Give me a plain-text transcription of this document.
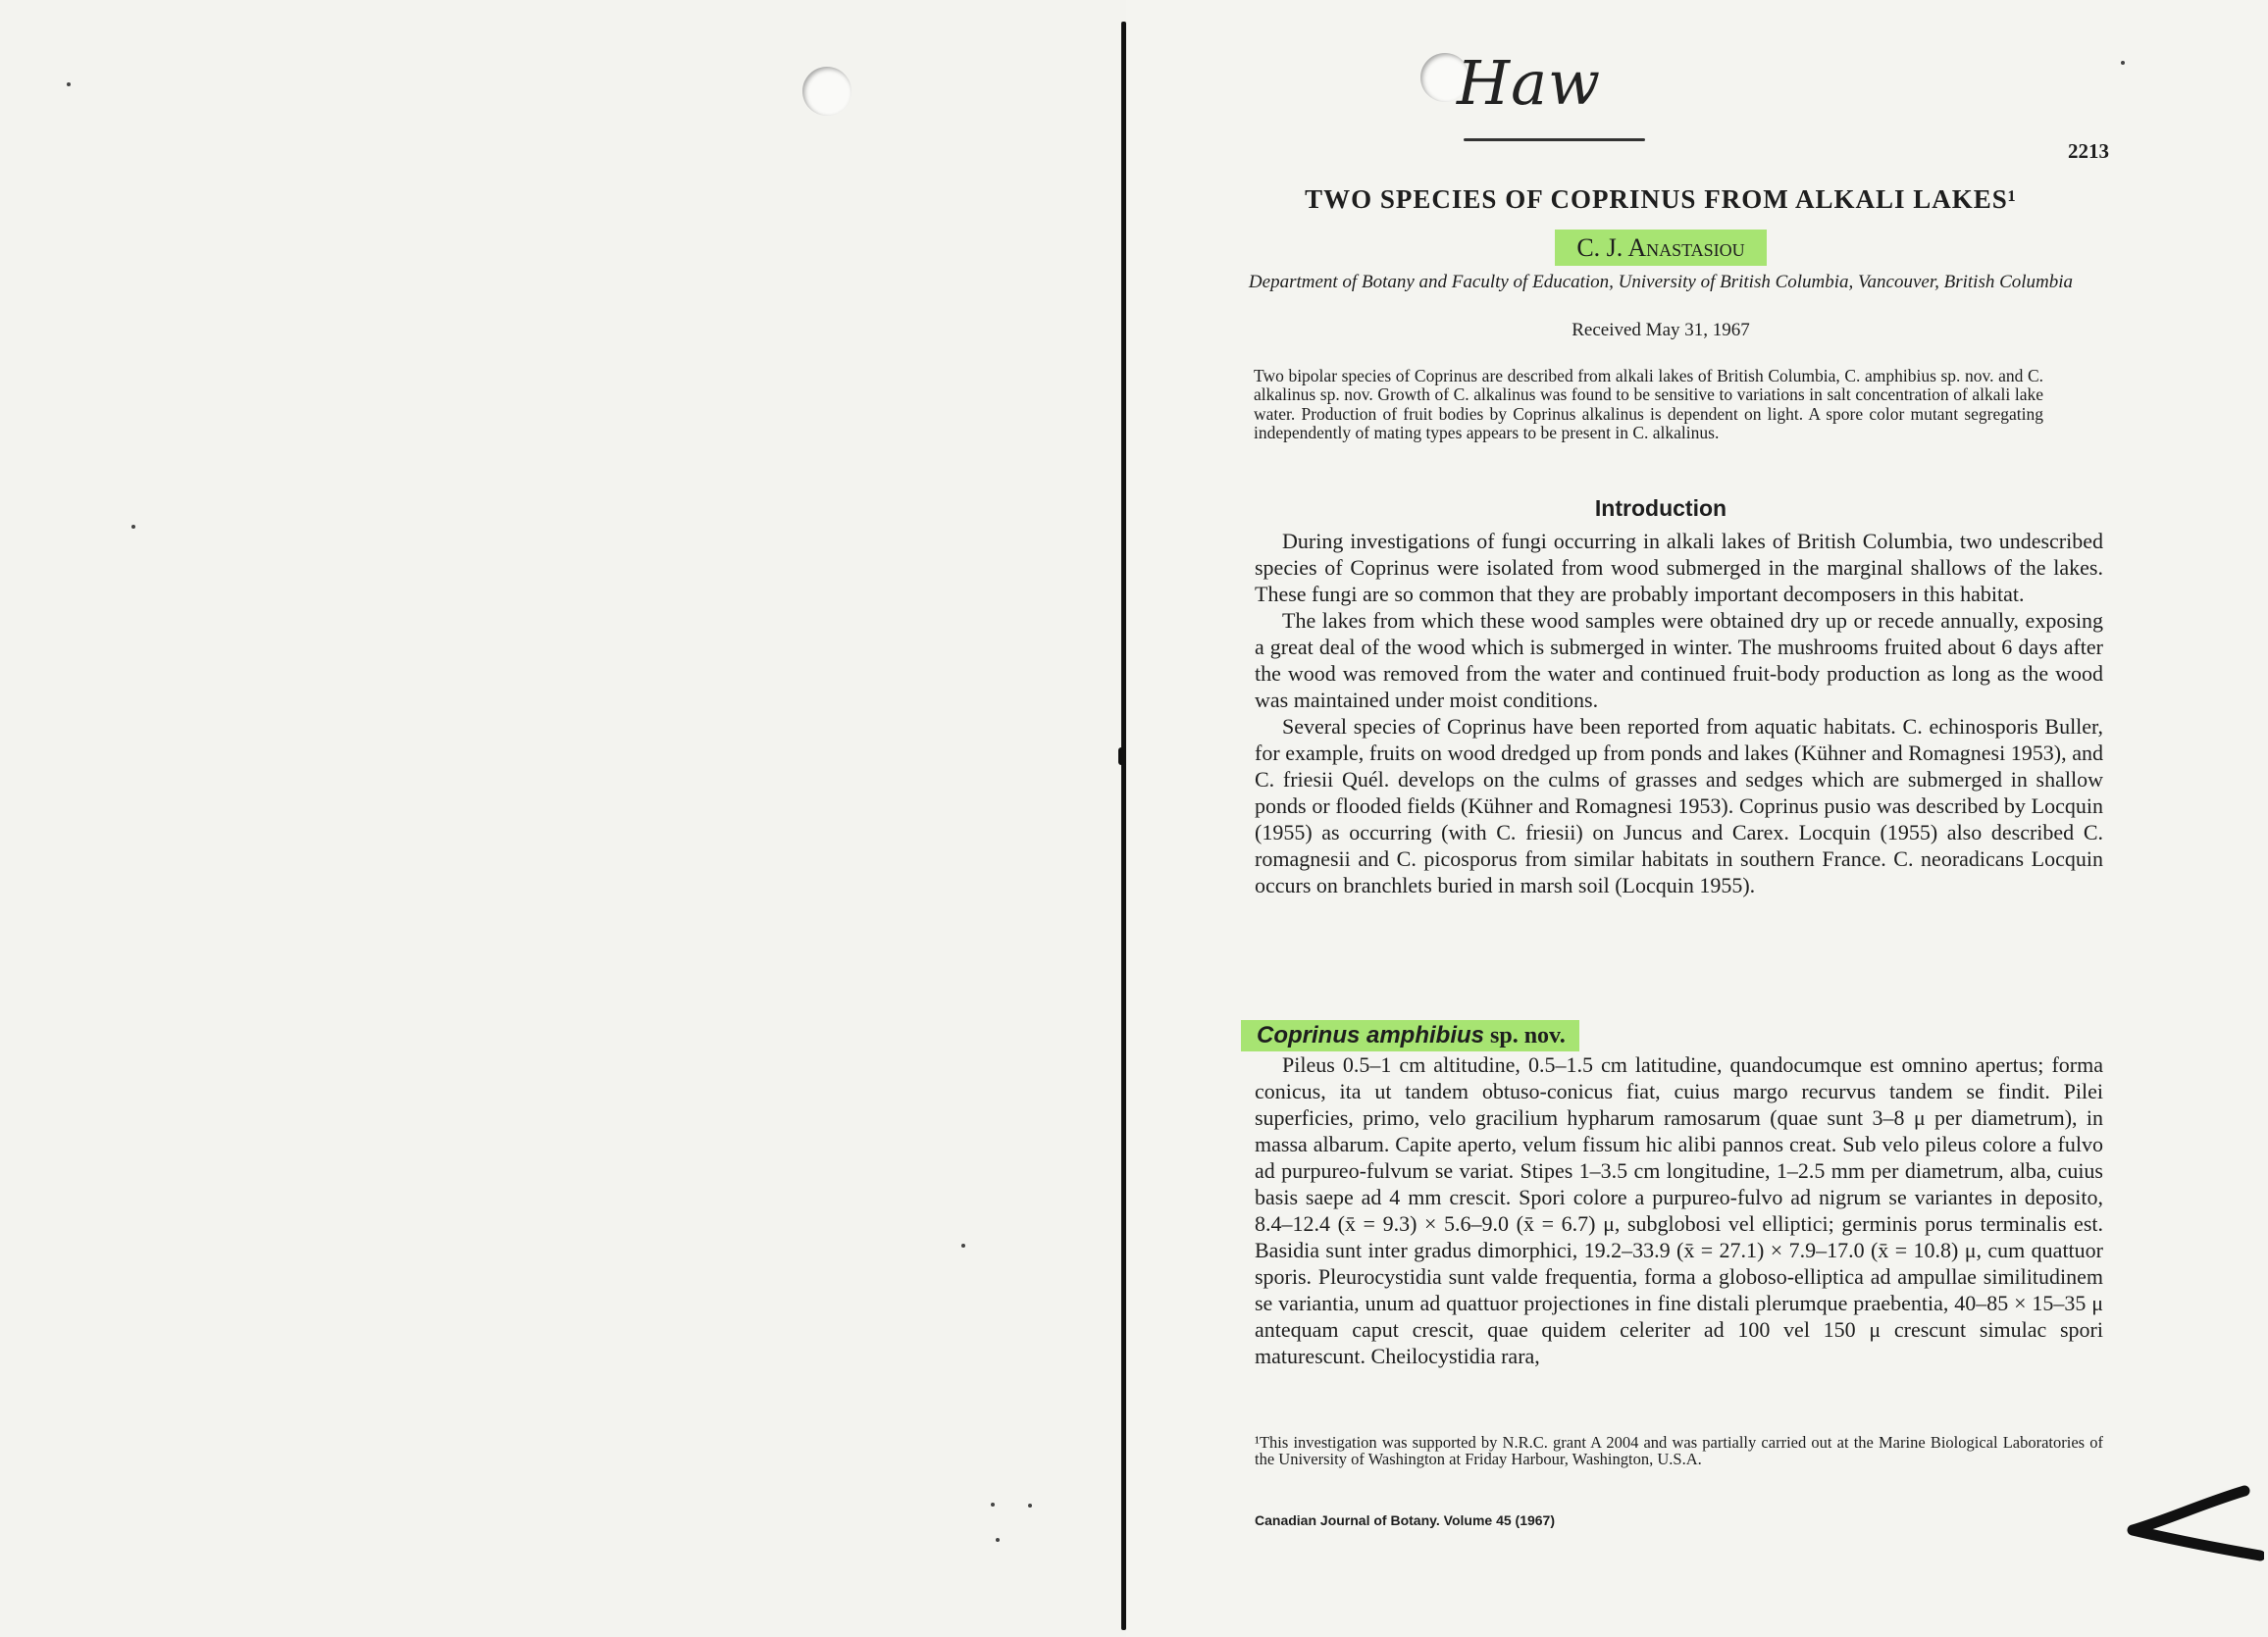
Haw

2213

TWO SPECIES OF COPRINUS FROM ALKALI LAKES¹

C. J. Anastasiou

Department of Botany and Faculty of Education, University of British Columbia, Vancouver, British Columbia

Received May 31, 1967

Two bipolar species of Coprinus are described from alkali lakes of British Columbia, C. amphibius sp. nov. and C. alkalinus sp. nov. Growth of C. alkalinus was found to be sensitive to variations in salt concentration of alkali lake water. Production of fruit bodies by Coprinus alkalinus is dependent on light. A spore color mutant segregating independently of mating types appears to be present in C. alkalinus.

Introduction

During investigations of fungi occurring in alkali lakes of British Columbia, two undescribed species of Coprinus were isolated from wood submerged in the marginal shallows of the lakes. These fungi are so common that they are probably important decomposers in this habitat.

The lakes from which these wood samples were obtained dry up or recede annually, exposing a great deal of the wood which is submerged in winter. The mushrooms fruited about 6 days after the wood was removed from the water and continued fruit-body production as long as the wood was maintained under moist conditions.

Several species of Coprinus have been reported from aquatic habitats. C. echinosporis Buller, for example, fruits on wood dredged up from ponds and lakes (Kühner and Romagnesi 1953), and C. friesii Quél. develops on the culms of grasses and sedges which are submerged in shallow ponds or flooded fields (Kühner and Romagnesi 1953). Coprinus pusio was described by Locquin (1955) as occurring (with C. friesii) on Juncus and Carex. Locquin (1955) also described C. romagnesii and C. picosporus from similar habitats in southern France. C. neoradicans Locquin occurs on branchlets buried in marsh soil (Locquin 1955).

Coprinus amphibius sp. nov.

Pileus 0.5–1 cm altitudine, 0.5–1.5 cm latitudine, quandocumque est omnino apertus; forma conicus, ita ut tandem obtuso-conicus fiat, cuius margo recurvus tandem se findit. Pilei superficies, primo, velo gracilium hypharum ramosarum (quae sunt 3–8 μ per diametrum), in massa albarum. Capite aperto, velum fissum hic alibi pannos creat. Sub velo pileus colore a fulvo ad purpureo-fulvum se variat. Stipes 1–3.5 cm longitudine, 1–2.5 mm per diametrum, alba, cuius basis saepe ad 4 mm crescit. Spori colore a purpureo-fulvo ad nigrum se variantes in deposito, 8.4–12.4 (x̄ = 9.3) × 5.6–9.0 (x̄ = 6.7) μ, subglobosi vel elliptici; germinis porus terminalis est. Basidia sunt inter gradus dimorphici, 19.2–33.9 (x̄ = 27.1) × 7.9–17.0 (x̄ = 10.8) μ, cum quattuor sporis. Pleurocystidia sunt valde frequentia, forma a globoso-elliptica ad ampullae similitudinem se variantia, unum ad quattuor projectiones in fine distali plerumque praebentia, 40–85 × 15–35 μ antequam caput crescit, quae quidem celeriter ad 100 vel 150 μ crescunt simulac spori maturescunt. Cheilocystidia rara,

¹This investigation was supported by N.R.C. grant A 2004 and was partially carried out at the Marine Biological Laboratories of the University of Washington at Friday Harbour, Washington, U.S.A.

Canadian Journal of Botany. Volume 45 (1967)
